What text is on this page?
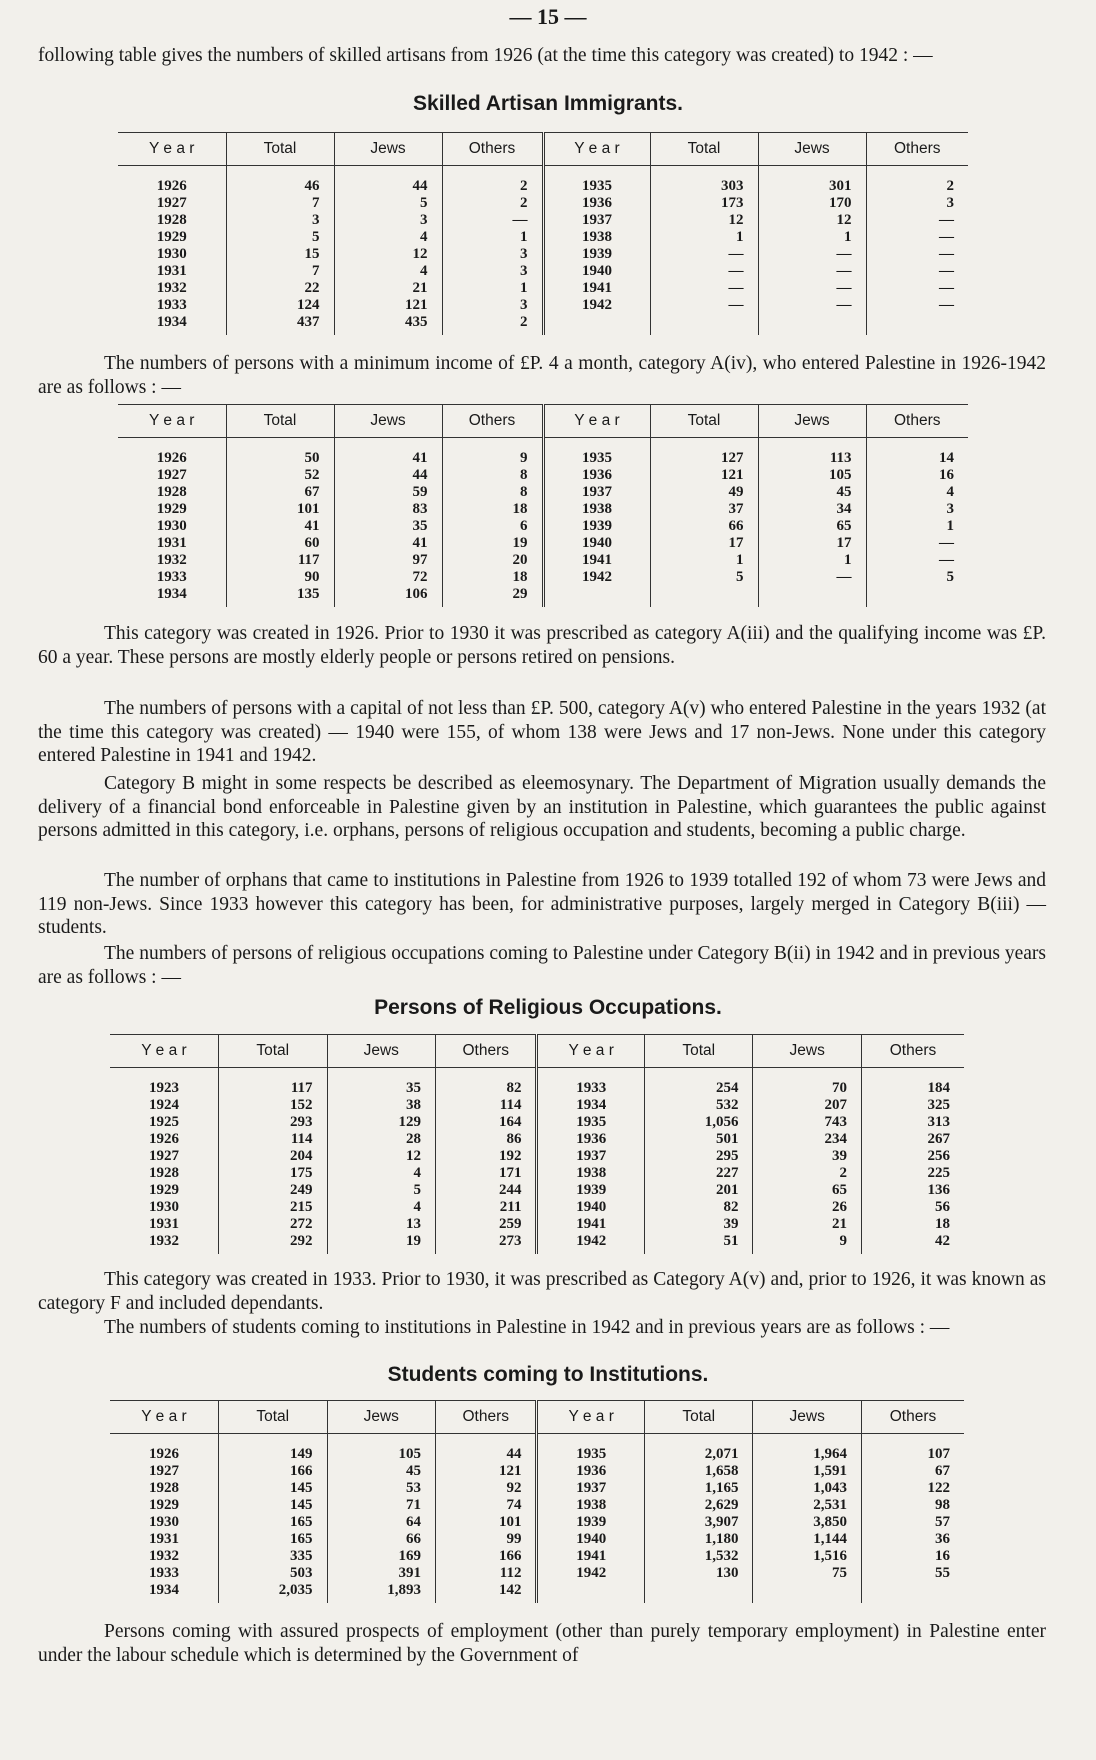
— 15 —

following table gives the numbers of skilled artisans from 1926 (at the time this category was created) to 1942 : —

Skilled Artisan Immigrants.
Y e a r	Total	Jews	Others	Y e a r	Total	Jews	Others

1926	46	44	2	1935	303	301	2
1927	7	5	2	1936	173	170	3
1928	3	3	—	1937	12	12	—
1929	5	4	1	1938	1	1	—
1930	15	12	3	1939	—	—	—
1931	7	4	3	1940	—	—	—
1932	22	21	1	1941	—	—	—
1933	124	121	3	1942	—	—	—
1934	437	435	2				

The numbers of persons with a minimum income of £P. 4 a month, category A(iv), who entered Palestine in 1926-1942 are as follows : —

Y e a r	Total	Jews	Others	Y e a r	Total	Jews	Others

1926	50	41	9	1935	127	113	14
1927	52	44	8	1936	121	105	16
1928	67	59	8	1937	49	45	4
1929	101	83	18	1938	37	34	3
1930	41	35	6	1939	66	65	1
1931	60	41	19	1940	17	17	—
1932	117	97	20	1941	1	1	—
1933	90	72	18	1942	5	—	5
1934	135	106	29				

This category was created in 1926. Prior to 1930 it was prescribed as category A(iii) and the qualifying income was £P. 60 a year. These persons are mostly elderly people or persons retired on pensions.

The numbers of persons with a capital of not less than £P. 500, category A(v) who entered Palestine in the years 1932 (at the time this category was created) — 1940 were 155, of whom 138 were Jews and 17 non-Jews. None under this category entered Palestine in 1941 and 1942.

Category B might in some respects be described as eleemosynary. The Department of Migration usually demands the delivery of a financial bond enforceable in Palestine given by an institution in Palestine, which guarantees the public against persons admitted in this category, i.e. orphans, persons of religious occupation and students, becoming a public charge.

The number of orphans that came to institutions in Palestine from 1926 to 1939 totalled 192 of whom 73 were Jews and 119 non-Jews. Since 1933 however this category has been, for administrative purposes, largely merged in Category B(iii) — students.

The numbers of persons of religious occupations coming to Palestine under Category B(ii) in 1942 and in previous years are as follows : —

Persons of Religious Occupations.
Y e a r	Total	Jews	Others	Y e a r	Total	Jews	Others

1923	117	35	82	1933	254	70	184
1924	152	38	114	1934	532	207	325
1925	293	129	164	1935	1,056	743	313
1926	114	28	86	1936	501	234	267
1927	204	12	192	1937	295	39	256
1928	175	4	171	1938	227	2	225
1929	249	5	244	1939	201	65	136
1930	215	4	211	1940	82	26	56
1931	272	13	259	1941	39	21	18
1932	292	19	273	1942	51	9	42

This category was created in 1933. Prior to 1930, it was prescribed as Category A(v) and, prior to 1926, it was known as category F and included dependants.

The numbers of students coming to institutions in Palestine in 1942 and in previous years are as follows : —

Students coming to Institutions.
Y e a r	Total	Jews	Others	Y e a r	Total	Jews	Others

1926	149	105	44	1935	2,071	1,964	107
1927	166	45	121	1936	1,658	1,591	67
1928	145	53	92	1937	1,165	1,043	122
1929	145	71	74	1938	2,629	2,531	98
1930	165	64	101	1939	3,907	3,850	57
1931	165	66	99	1940	1,180	1,144	36
1932	335	169	166	1941	1,532	1,516	16
1933	503	391	112	1942	130	75	55
1934	2,035	1,893	142				

Persons coming with assured prospects of employment (other than purely temporary employment) in Palestine enter under the labour schedule which is determined by the Government of
